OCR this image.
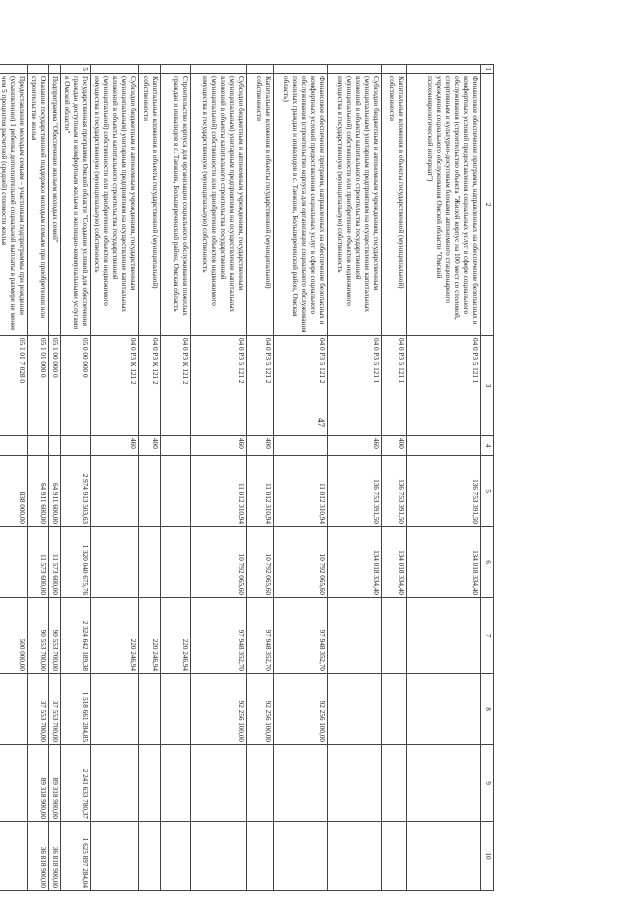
47
1	2	3	4	5	6	7	8	9	10
	Финансовое обеспечение программ, направленных на обеспечение безопасных и комфортных условий предоставления социальных услуг в сфере социального обслуживания (строительство объекта "Жилой корпус на 100 мест со столовой, спортивным и культурно-досуговым блоками автономного стационарного учреждения социального обслуживания Омской области "Омский психоневрологический интернат")	04 0 Р3 5 121 1		136 753 391,50	134 018 334,40				
	Капитальные вложения в объекты государственной (муниципальной) собственности	04 0 Р3 5 121 1	400	136 753 391,50	134 018 334,40				
	Субсидии бюджетным и автономным учреждениям, государственным (муниципальным) унитарным предприятиям на осуществление капитальных вложений в объекты капитального строительства государственной (муниципальной) собственности или приобретение объектов недвижимого имущества в государственную (муниципальную) собственность	04 0 Р3 5 121 1	460	136 753 391,50	134 018 334,40				
	Финансовое обеспечение программ, направленных на обеспечение безопасных и комфортных условий предоставления социальных услуг в сфере социального обслуживания (строительство корпуса для организации социального обслуживания пожилых граждан и инвалидов в с. Таежник, Большереченский район, Омская область)	04 0 Р3 5 121 2		11 012 310,94	10 792 065,60	97 948 352,70	92 256 100,00		
	Капитальные вложения в объекты государственной (муниципальной) собственности	04 0 Р3 5 121 2	400	11 012 310,94	10 792 065,60	97 948 352,70	92 256 100,00		
	Субсидии бюджетным и автономным учреждениям, государственным (муниципальным) унитарным предприятиям на осуществление капитальных вложений в объекты капитального строительства государственной (муниципальной) собственности или приобретение объектов недвижимого имущества в государственную (муниципальную) собственность	04 0 Р3 5 121 2	460	11 012 310,94	10 792 065,60	97 948 352,70	92 256 100,00		
	Строительство корпуса для организации социального обслуживания пожилых граждан и инвалидов в с. Таежник, Большереченский район, Омская область	04 0 Р3 К 121 2				220 246,94			
	Капитальные вложения в объекты государственной (муниципальной) собственности	04 0 Р3 К 121 2	400			220 246,94			
	Субсидии бюджетным и автономным учреждениям, государственным (муниципальным) унитарным предприятиям на осуществление капитальных вложений в объекты капитального строительства государственной (муниципальной) собственности или приобретение объектов недвижимого имущества в государственную (муниципальную) собственность	04 0 Р3 К 121 2	460			220 246,94			
5	Государственная программа Омской области "Создание условий для обеспечения граждан доступным и комфортным жильем и жилищно-коммунальными услугами в Омской области"	05 0 00 000 0		2 974 913 503,63	1 320 040 675,76	2 324 642 189,38	1 518 661 284,85	2 241 633 780,37	1 625 897 284,04
	Подпрограмма "Обеспечение жильем молодых семей"	05 1 00 000 0		64 911 600,00	11 573 600,00	90 553 700,00	37 553 700,00	89 318 900,00	36 818 900,00
	Оказание государственной поддержки молодым семьям при приобретении или строительстве жилья	05 1 01 000 0		64 911 600,00	11 573 600,00	90 553 700,00	37 553 700,00	89 318 900,00	36 818 900,00
	Предоставление молодым семьям – участникам подпрограммы при рождении (усыновлении) 1 ребенка дополнительной социальной выплаты в размере не менее чем 5 процентов расчетной (средней) стоимости жилья	05 1 01 7 028 0		838 000,00		500 000,00			
